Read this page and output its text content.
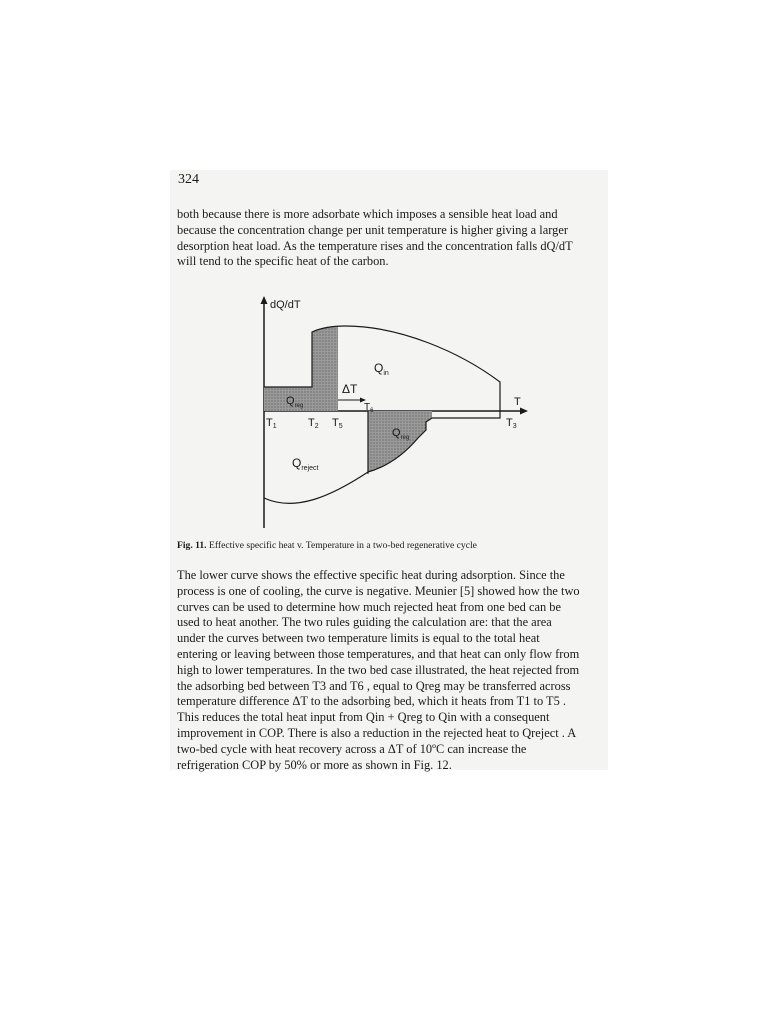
324
both because there is more adsorbate which imposes a sensible heat load and
because the concentration change per unit temperature is higher giving a larger
desorption heat load. As the temperature rises and the concentration falls dQ/dT
will tend to the specific heat of the carbon.
dQ/dT
T
$Q_{in}$
$Q_{reg}$
$Q_{reg}$
$Q_{reject}$
ΔT
T1	T2 T5
$T_6$
T3
Fig. 11. Effective specific heat v. Temperature in a two-bed regenerative cycle
The lower curve shows the effective specific heat during adsorption. Since the
process is one of cooling, the curve is negative. Meunier [5] showed how the two
curves can be used to determine how much rejected heat from one bed can be
used to heat another. The two rules guiding the calculation are: that the area
under the curves between two temperature limits is equal to the total heat
entering or leaving between those temperatures, and that heat can only flow from
high to lower temperatures. In the two bed case illustrated, the heat rejected from
the adsorbing bed between T3 and T6 , equal to Qreg may be transferred across
temperature difference ΔT to the adsorbing bed, which it heats from T1 to T5 .
This reduces the total heat input from Qin + Qreg to Qin with a consequent
improvement in COP. There is also a reduction in the rejected heat to Qreject . A
two-bed cycle with heat recovery across a ΔT of 10ºC can increase the
refrigeration COP by 50% or more as shown in Fig. 12.
